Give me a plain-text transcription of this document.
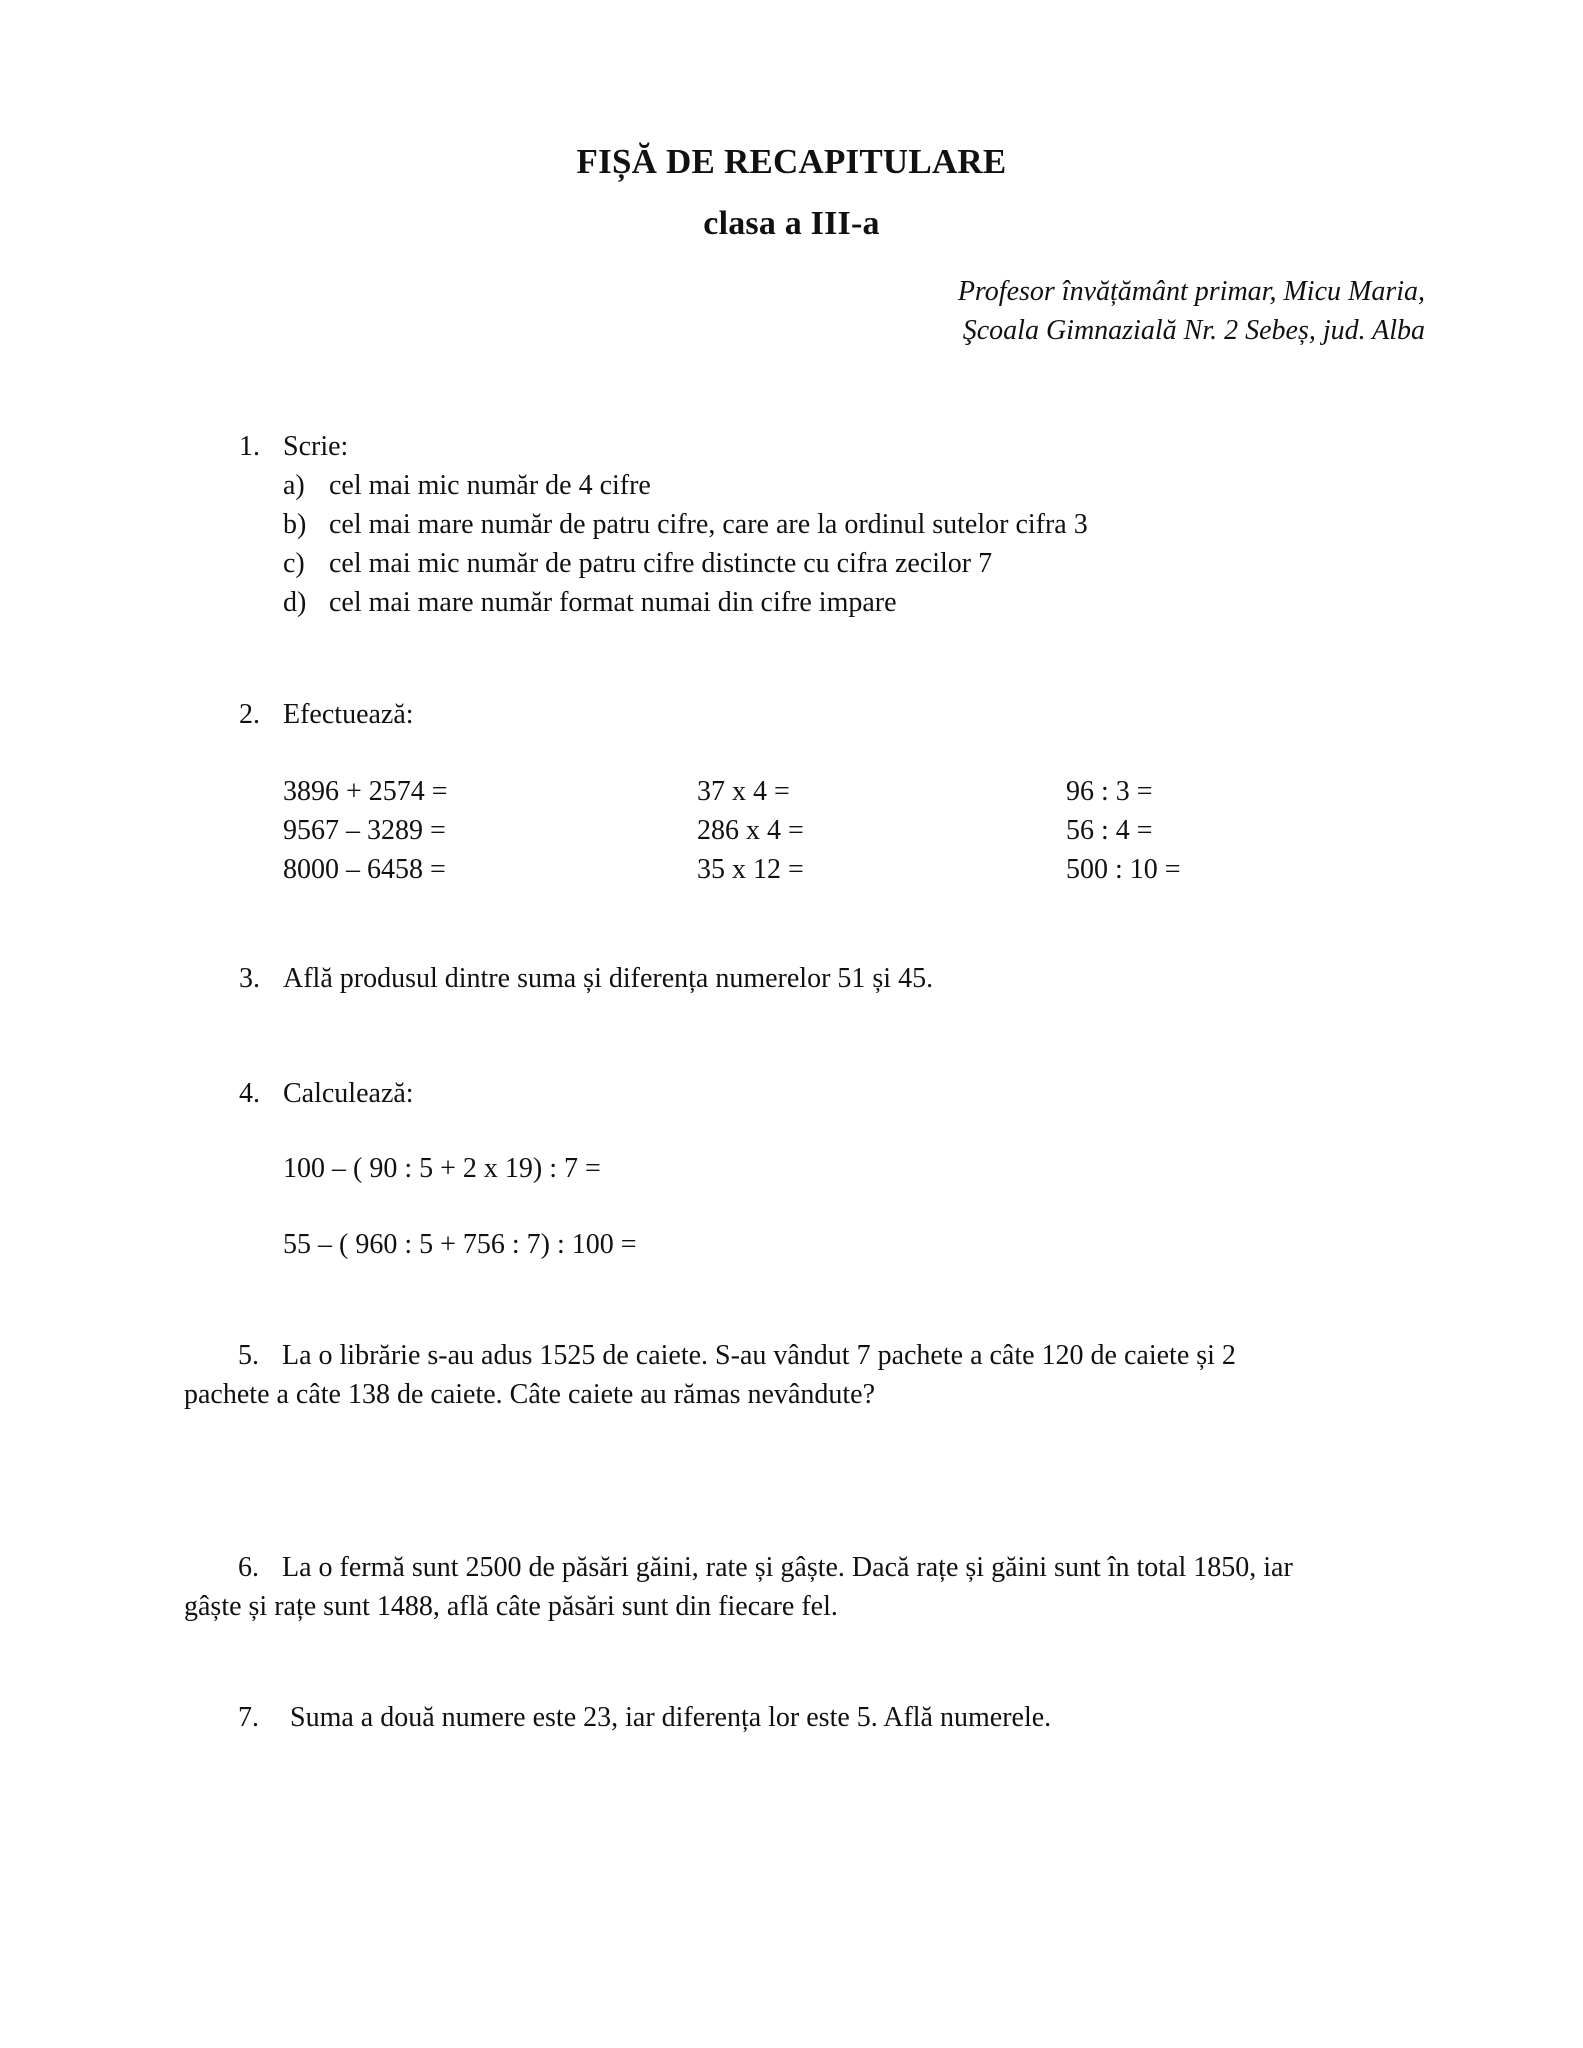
FIȘĂ DE RECAPITULARE
clasa a III-a
Profesor învățământ primar, Micu Maria,
Şcoala Gimnazială Nr. 2 Sebeș, jud. Alba
1. Scrie:
a) cel mai mic număr de 4 cifre
b) cel mai mare număr de patru cifre, care are la ordinul sutelor cifra 3
c) cel mai mic număr de patru cifre distincte cu cifra zecilor 7
d) cel mai mare număr format numai din cifre impare
2. Efectuează:
3896 + 2574 =
9567 – 3289 =
8000 – 6458 =
37 x 4 =
286 x 4 =
35 x 12 =
96 : 3 =
56 : 4 =
500 : 10 =
3. Află produsul dintre suma și diferența numerelor 51 și 45.
4. Calculează:
100 – ( 90 : 5 + 2 x 19) : 7 =
55 – ( 960 : 5 + 756 : 7) : 100 =
5. La o librărie s-au adus 1525 de caiete. S-au vândut 7 pachete a câte 120 de caiete și 2
pachete a câte 138 de caiete. Câte caiete au rămas nevândute?
6. La o fermă sunt 2500 de păsări găini, rate și gâște. Dacă rațe și găini sunt în total 1850, iar
gâște și rațe sunt 1488, află câte păsări sunt din fiecare fel.
7. Suma a două numere este 23, iar diferența lor este 5. Află numerele.
